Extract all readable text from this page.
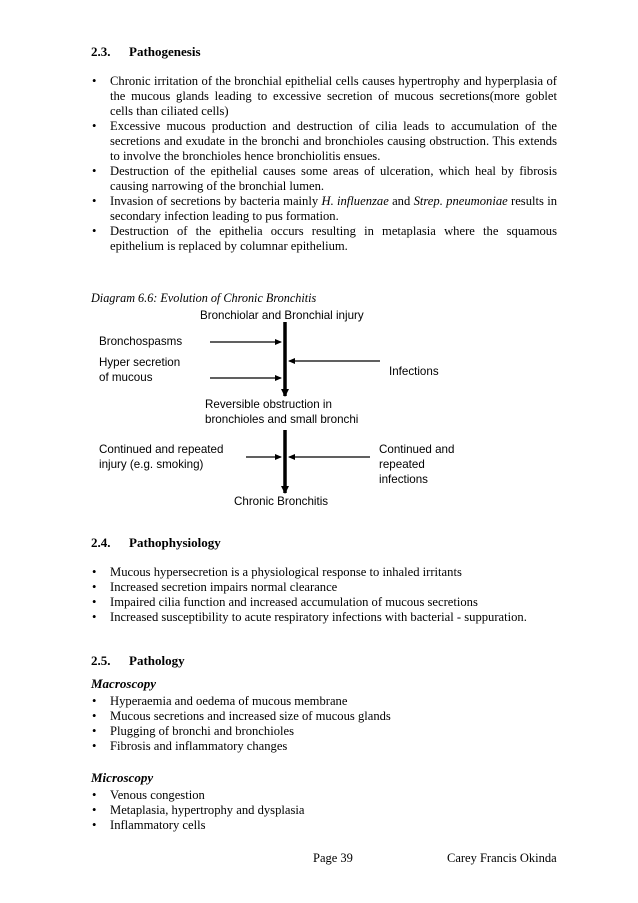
2.3. Pathogenesis
• Chronic irritation of the bronchial epithelial cells causes hypertrophy and hyperplasia of the mucous glands leading to excessive secretion of mucous secretions(more goblet cells than ciliated cells)
• Excessive mucous production and destruction of cilia leads to accumulation of the secretions and exudate in the bronchi and bronchioles causing obstruction. This extends to involve the bronchioles hence bronchiolitis ensues.
• Destruction of the epithelial causes some areas of ulceration, which heal by fibrosis causing narrowing of the bronchial lumen.
• Invasion of secretions by bacteria mainly H. influenzae and Strep. pneumoniae results in secondary infection leading to pus formation.
• Destruction of the epithelia occurs resulting in metaplasia where the squamous epithelium is replaced by columnar epithelium.
Diagram 6.6: Evolution of Chronic Bronchitis
Bronchiolar and Bronchial injury
Bronchospasms
Hyper secretion
of mucous	Infections
Reversible obstruction in
bronchioles and small bronchi
Continued and repeated
injury (e.g. smoking)
Continued and
repeated
infections
Chronic Bronchitis
2.4. Pathophysiology
• Mucous hypersecretion is a physiological response to inhaled irritants
• Increased secretion impairs normal clearance
• Impaired cilia function and increased accumulation of mucous secretions
• Increased susceptibility to acute respiratory infections with bacterial - suppuration.
2.5. Pathology
Macroscopy
• Hyperaemia and oedema of mucous membrane
• Mucous secretions and increased size of mucous glands
• Plugging of bronchi and bronchioles
• Fibrosis and inflammatory changes
Microscopy
• Venous congestion
• Metaplasia, hypertrophy and dysplasia
• Inflammatory cells
Page 39	Carey Francis Okinda
